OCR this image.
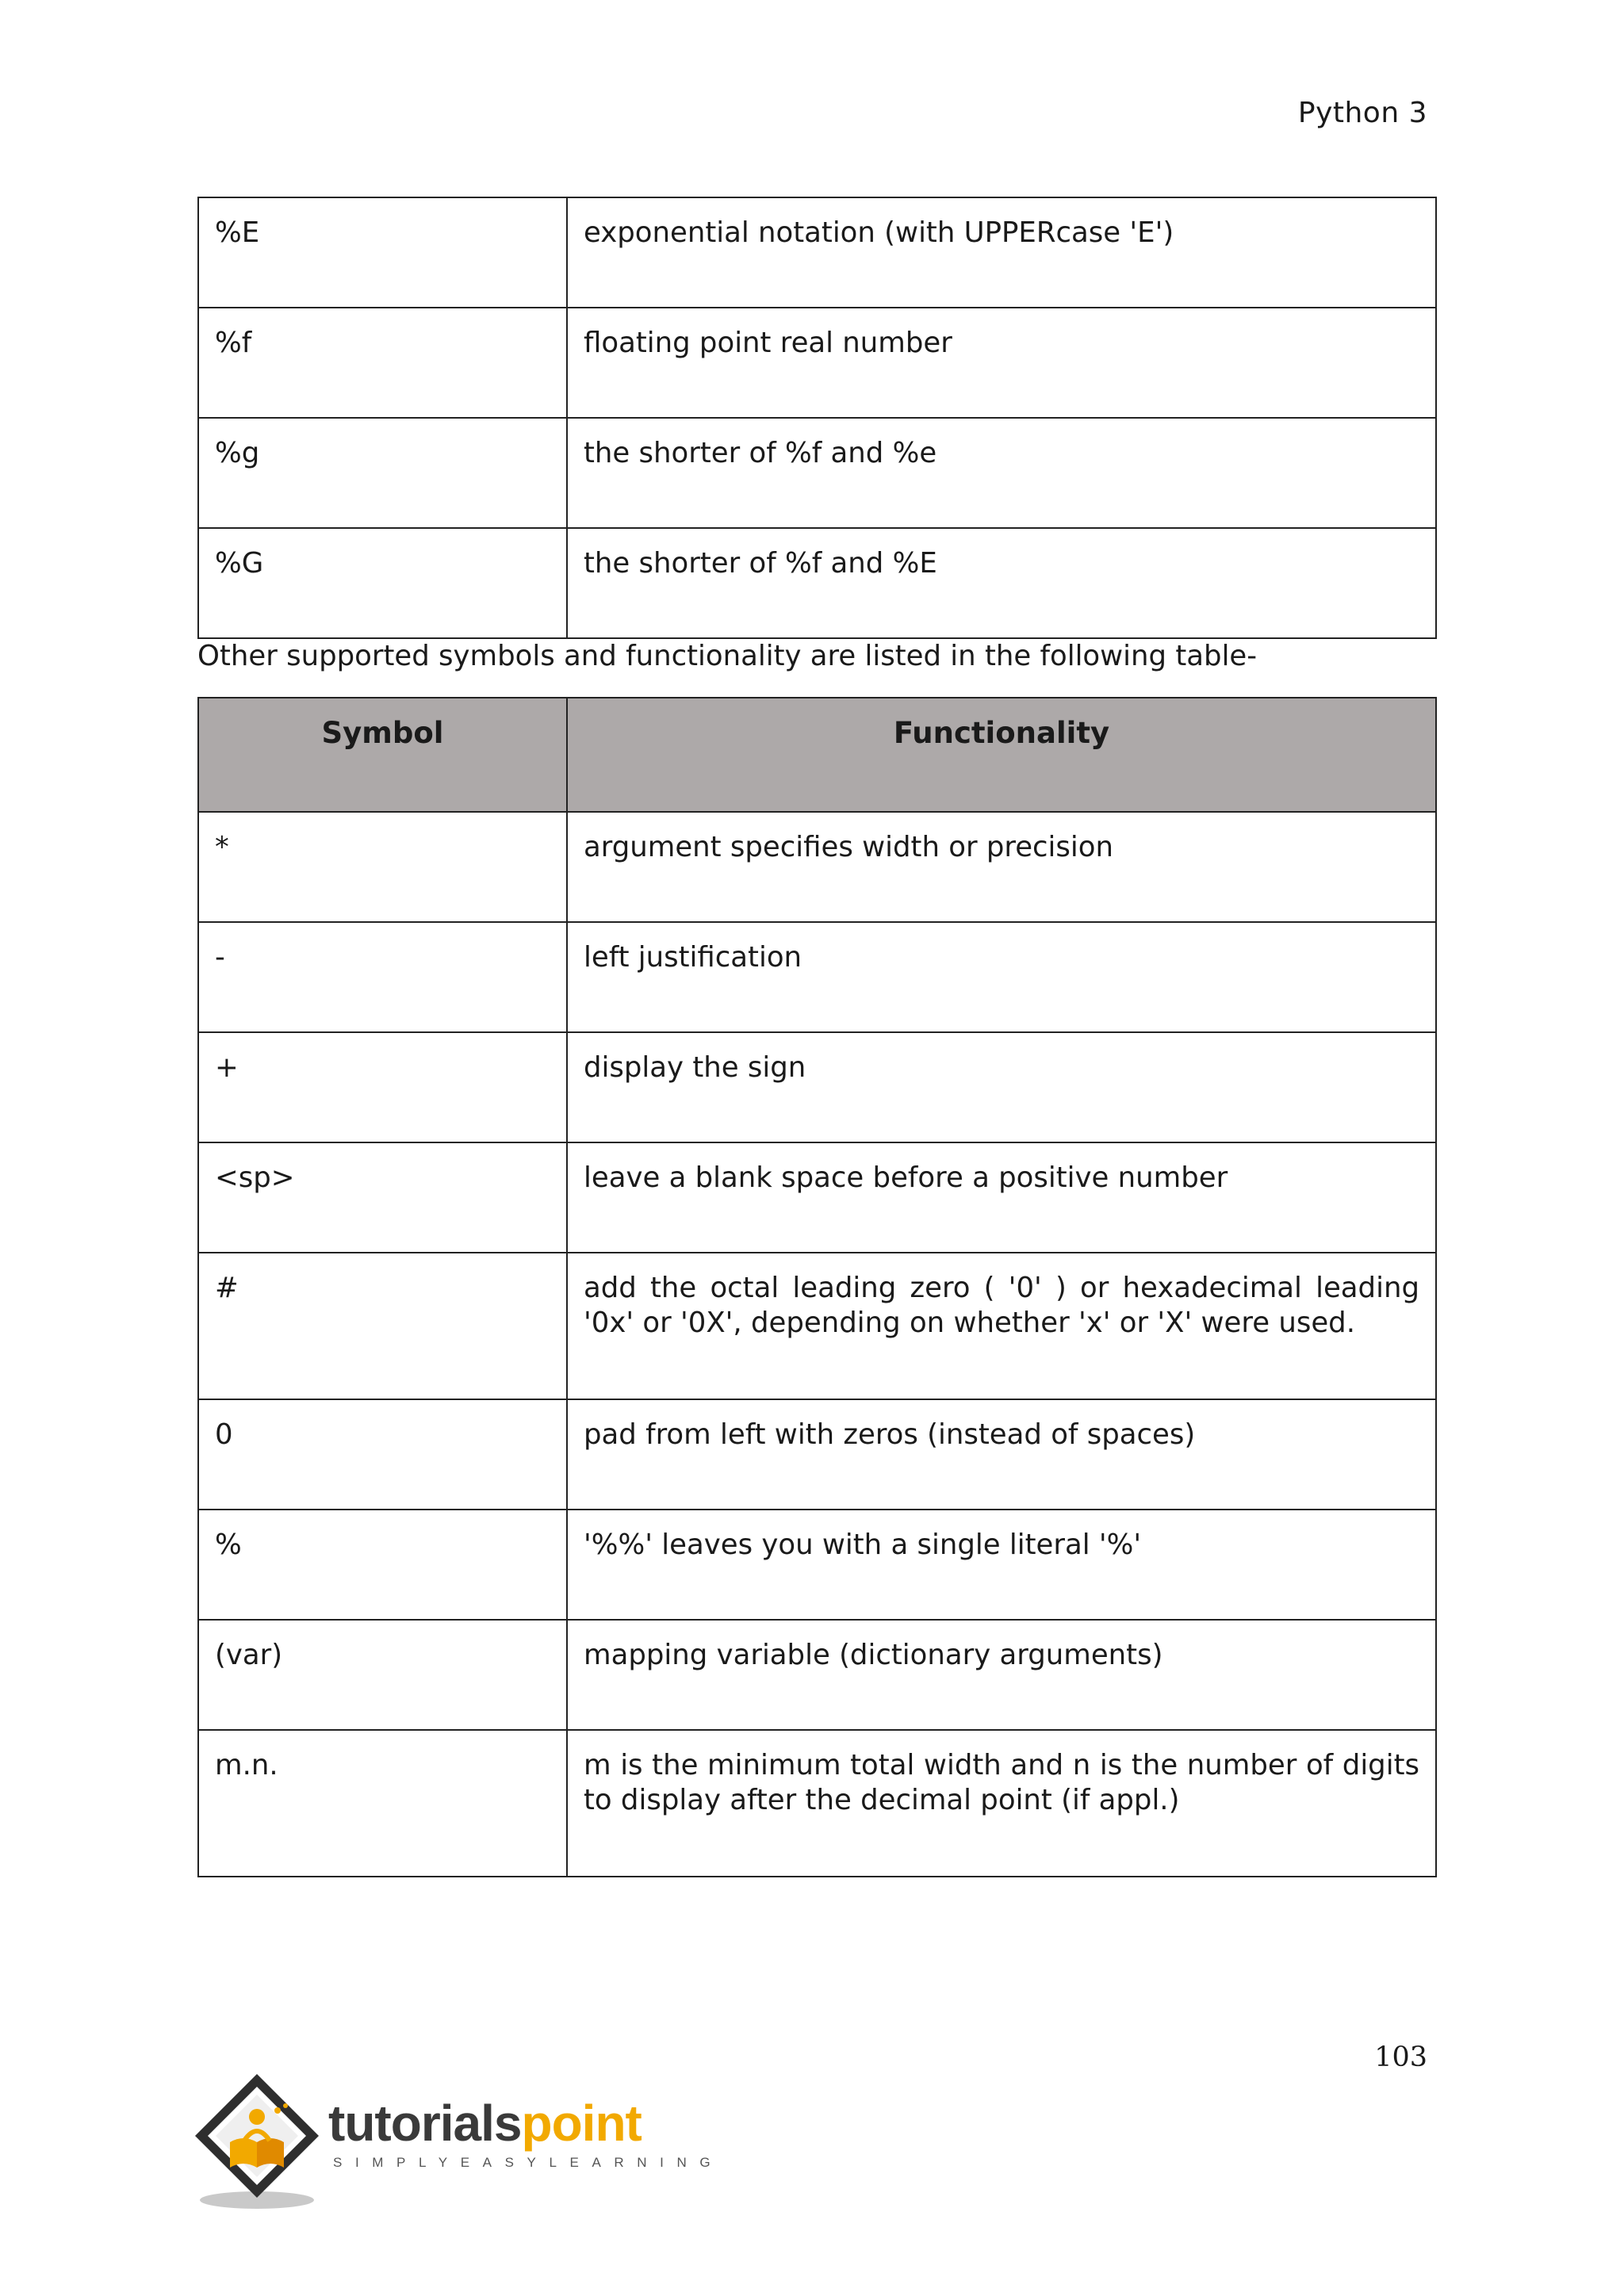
Python 3
%E	exponential notation (with UPPERcase 'E')
%f	floating point real number
%g	the shorter of %f and %e
%G	the shorter of %f and %E
Other supported symbols and functionality are listed in the following table-
Symbol	Functionality
*	argument specifies width or precision
-	left justification
+	display the sign
<sp>	leave a blank space before a positive number
#	add the octal leading zero ( '0' ) or hexadecimal leading '0x' or '0X', depending on whether 'x' or 'X' were used.
0	pad from left with zeros (instead of spaces)
%	'%%' leaves you with a single literal '%'
(var)	mapping variable (dictionary arguments)
m.n.	m is the minimum total width and n is the number of digits to display after the decimal point (if appl.)
103
tutorialspoint
SIMPLYEASYLEARNING
